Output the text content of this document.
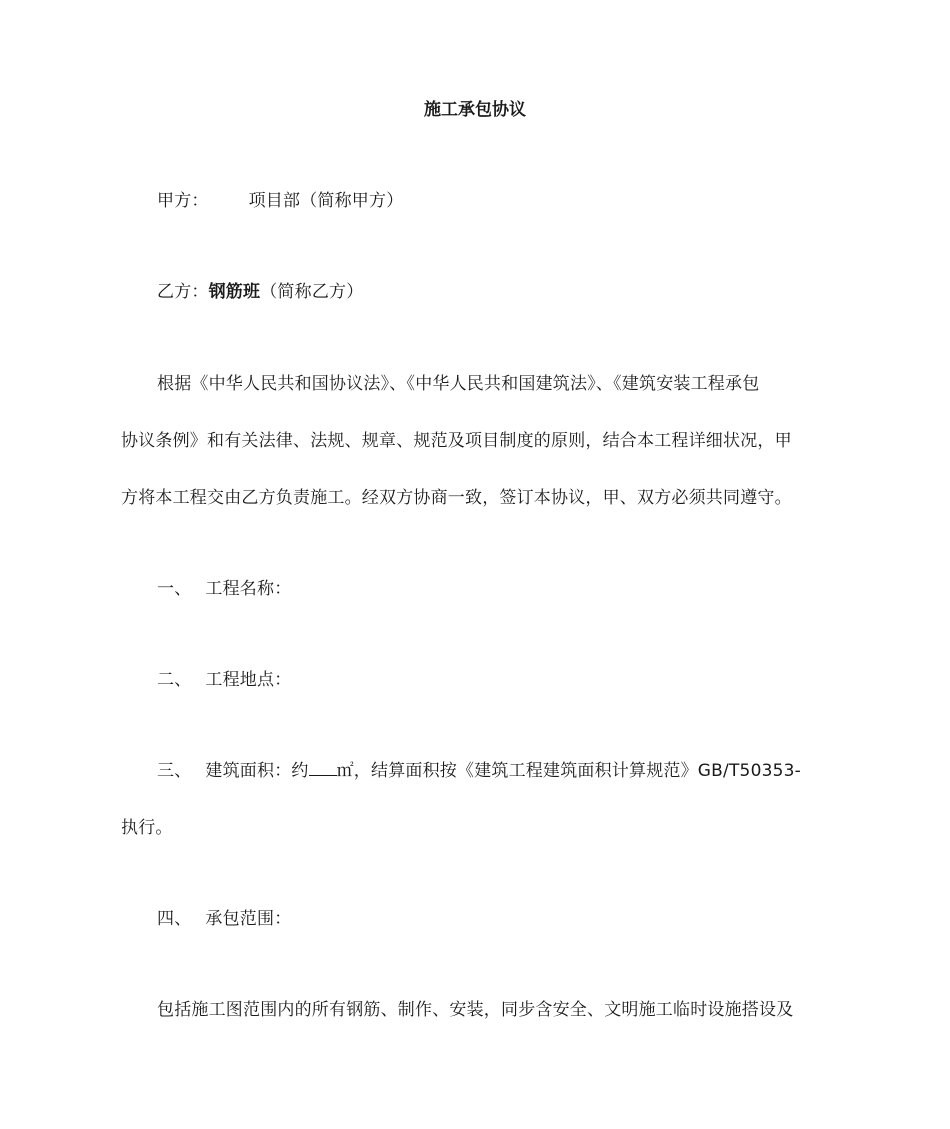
施工承包协议
甲方： 项目部（简称甲方）
乙方：钢筋班（简称乙方）
根据《中华人民共和国协议法》、《中华人民共和国建筑法》、《建筑安装工程承包
协议条例》和有关法律、法规、规章、规范及项目制度的原则，结合本工程详细状况，甲
方将本工程交由乙方负责施工。经双方协商一致，签订本协议，甲、双方必须共同遵守。
一、 工程名称：
二、 工程地点：
三、 建筑面积：约 ㎡，结算面积按《建筑工程建筑面积计算规范》GB/T50353-
执行。
四、 承包范围：
包括施工图范围内的所有钢筋、制作、安装，同步含安全、文明施工临时设施搭设及
